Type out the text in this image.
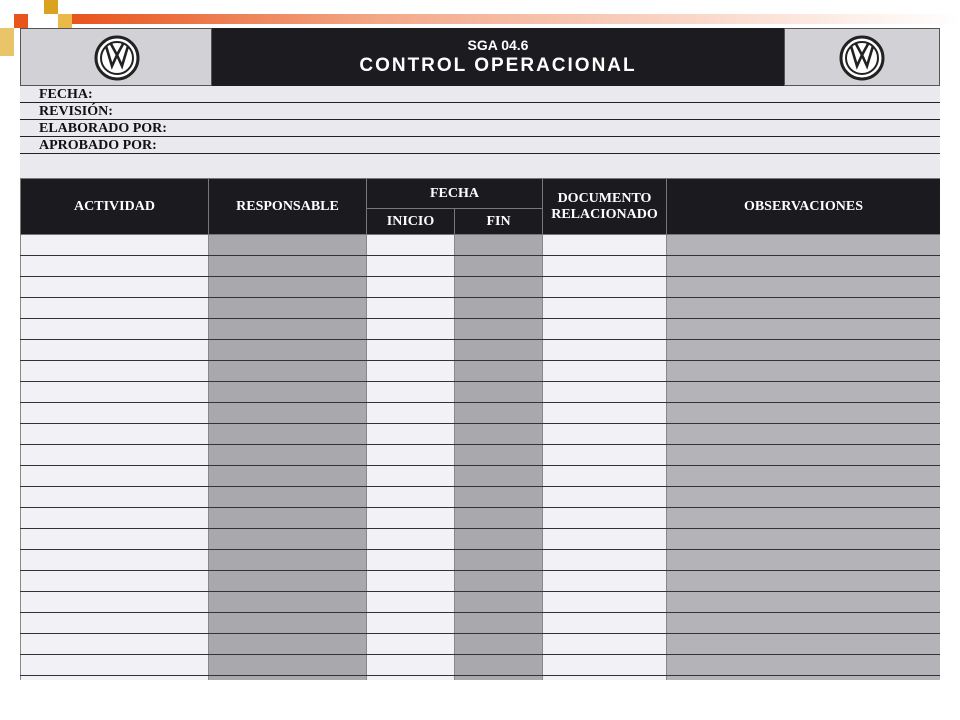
SGA 04.6
CONTROL OPERACIONAL
FECHA:
REVISIÓN:
ELABORADO POR:
APROBADO POR:
ACTIVIDAD	RESPONSABLE	FECHA		DOCUMENTO RELACIONADO	OBSERVACIONES
		INICIO	FIN		
